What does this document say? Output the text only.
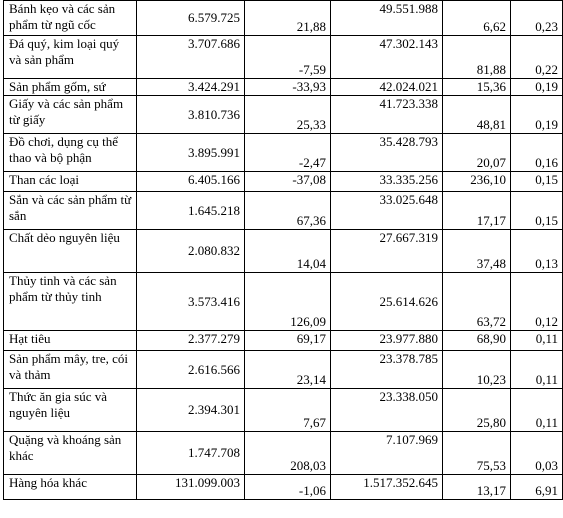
Bánh kẹo và các sản phẩm từ ngũ cốc	6.579.725	21,88	49.551.988	6,62	0,23

Đá quý, kim loại quý và sản phẩm	3.707.686	-7,59	47.302.143	81,88	0,22

Sản phẩm gốm, sứ	3.424.291	-33,93	42.024.021	15,36	0,19

Giấy và các sản phẩm từ giấy	3.810.736	25,33	41.723.338	48,81	0,19

Đồ chơi, dụng cụ thể thao và bộ phận	3.895.991	-2,47	35.428.793	20,07	0,16

Than các loại	6.405.166	-37,08	33.335.256	236,10	0,15

Sắn và các sản phẩm từ sắn	1.645.218	67,36	33.025.648	17,17	0,15

Chất dẻo nguyên liệu	2.080.832	14,04	27.667.319	37,48	0,13

Thủy tinh và các sản phẩm từ thủy tinh	3.573.416	126,09	25.614.626	63,72	0,12

Hạt tiêu	2.377.279	69,17	23.977.880	68,90	0,11

Sản phẩm mây, tre, cói và thảm	2.616.566	23,14	23.378.785	10,23	0,11

Thức ăn gia súc và nguyên liệu	2.394.301	7,67	23.338.050	25,80	0,11

Quặng và khoáng sản khác	1.747.708	208,03	7.107.969	75,53	0,03

Hàng hóa khác	131.099.003	-1,06	1.517.352.645	13,17	6,91
